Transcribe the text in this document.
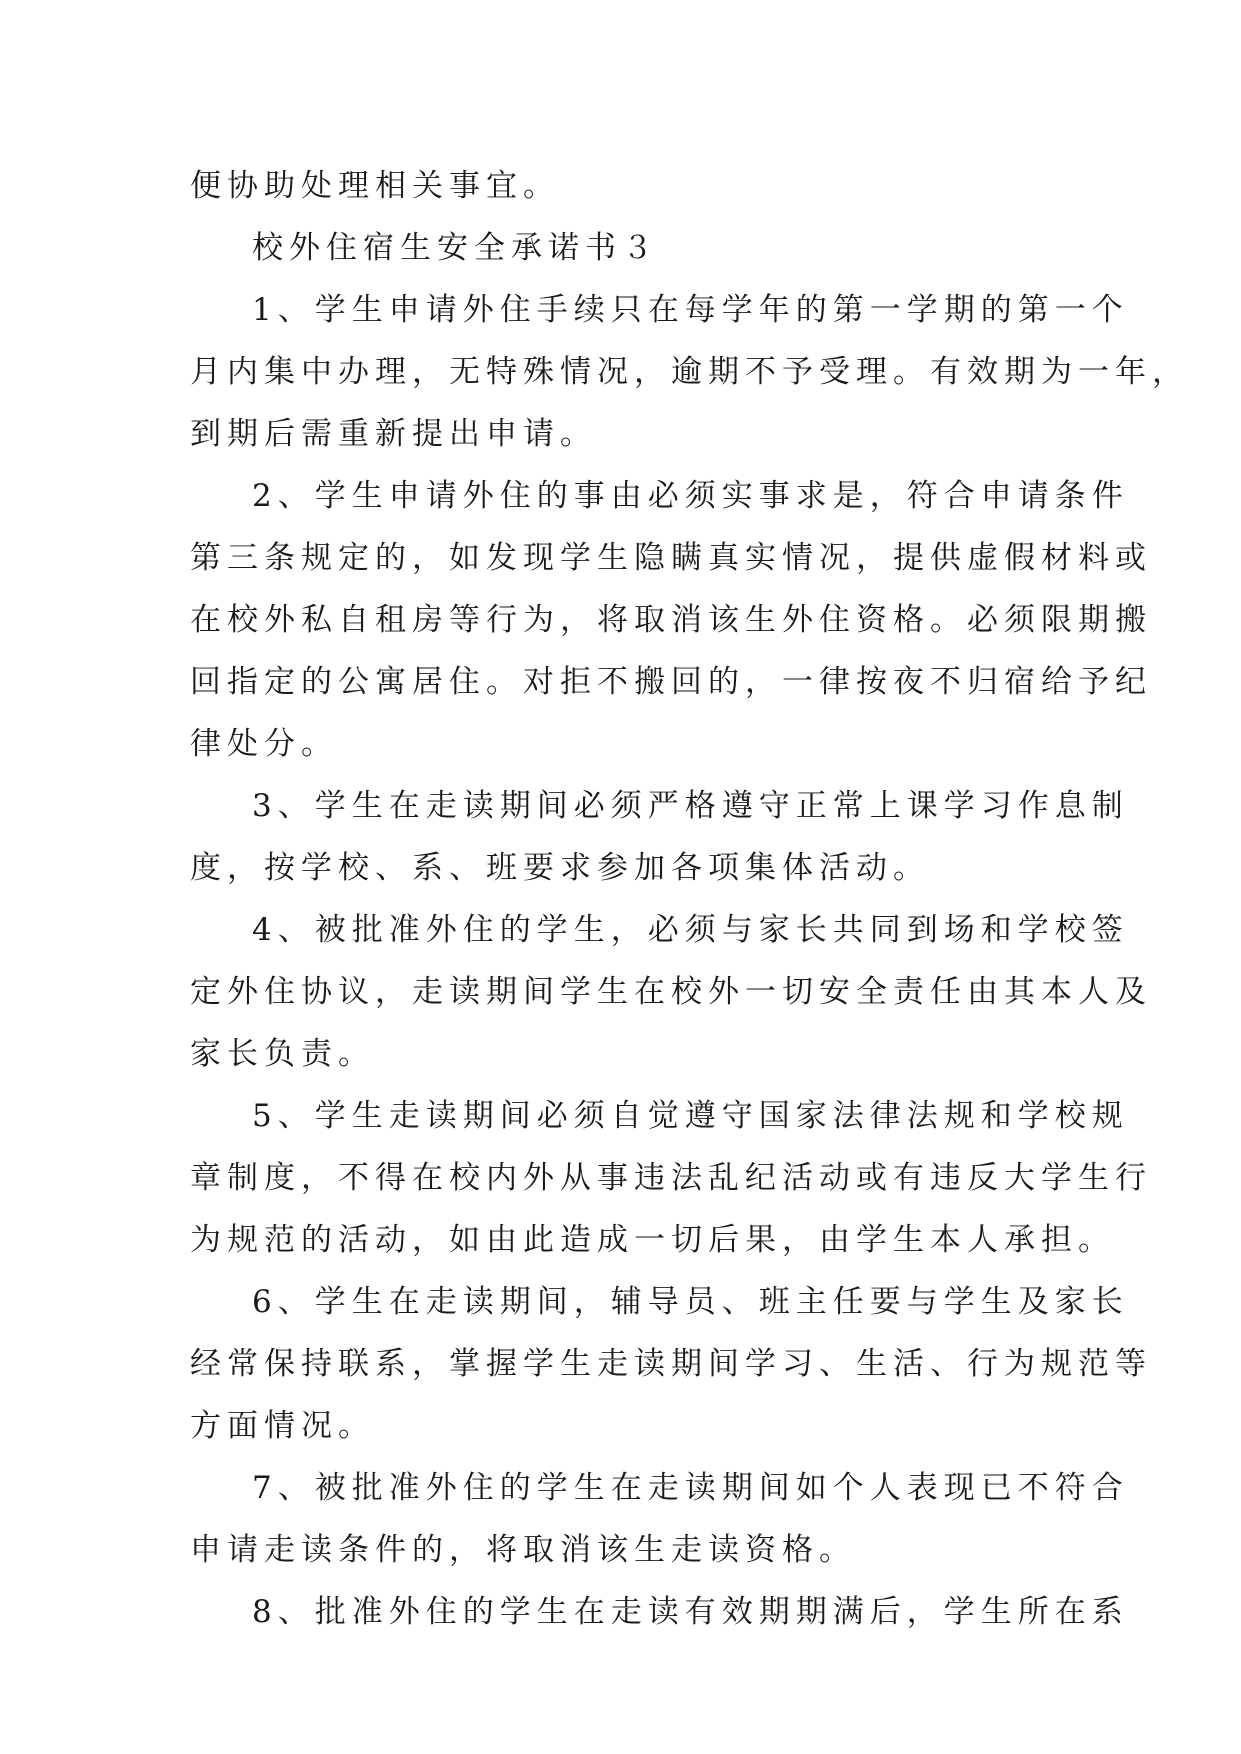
便协助处理相关事宜。
校外住宿生安全承诺书３
1、学生申请外住手续只在每学年的第一学期的第一个
月内集中办理，无特殊情况，逾期不予受理。有效期为一年，
到期后需重新提出申请。
2、学生申请外住的事由必须实事求是，符合申请条件
第三条规定的，如发现学生隐瞒真实情况，提供虚假材料或
在校外私自租房等行为，将取消该生外住资格。必须限期搬
回指定的公寓居住。对拒不搬回的，一律按夜不归宿给予纪
律处分。
3、学生在走读期间必须严格遵守正常上课学习作息制
度，按学校、系、班要求参加各项集体活动。
4、被批准外住的学生，必须与家长共同到场和学校签
定外住协议，走读期间学生在校外一切安全责任由其本人及
家长负责。
5、学生走读期间必须自觉遵守国家法律法规和学校规
章制度，不得在校内外从事违法乱纪活动或有违反大学生行
为规范的活动，如由此造成一切后果，由学生本人承担。
6、学生在走读期间，辅导员、班主任要与学生及家长
经常保持联系，掌握学生走读期间学习、生活、行为规范等
方面情况。
7、被批准外住的学生在走读期间如个人表现已不符合
申请走读条件的，将取消该生走读资格。
8、批准外住的学生在走读有效期期满后，学生所在系
